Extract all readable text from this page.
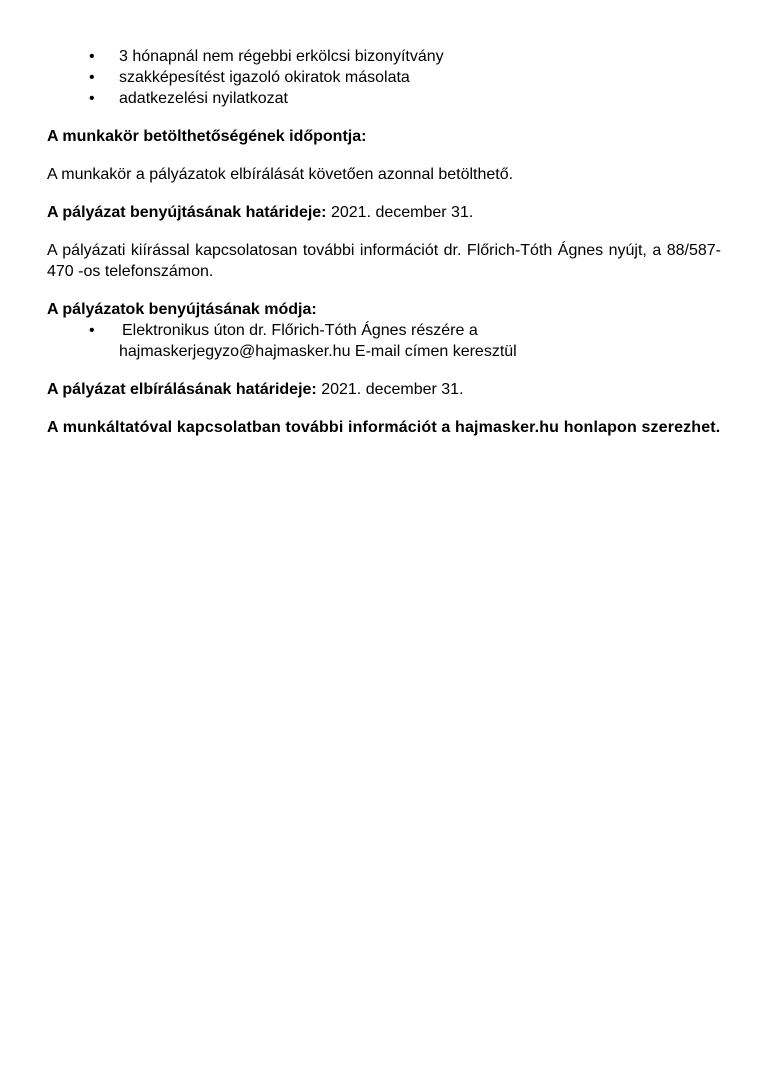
• 3 hónapnál nem régebbi erkölcsi bizonyítvány
• szakképesítést igazoló okiratok másolata
• adatkezelési nyilatkozat

A munkakör betölthetőségének időpontja:

A munkakör a pályázatok elbírálását követően azonnal betölthető.

A pályázat benyújtásának határideje: 2021. december 31.

A pályázati kiírással kapcsolatosan további információt dr. Flőrich-Tóth Ágnes nyújt, a 88/587-470 -os telefonszámon.

A pályázatok benyújtásának módja:

• Elektronikus úton dr. Flőrich-Tóth Ágnes részére a
hajmaskerjegyzo@hajmasker.hu E-mail címen keresztül

A pályázat elbírálásának határideje: 2021. december 31.

A munkáltatóval kapcsolatban további információt a hajmasker.hu honlapon szerezhet.
